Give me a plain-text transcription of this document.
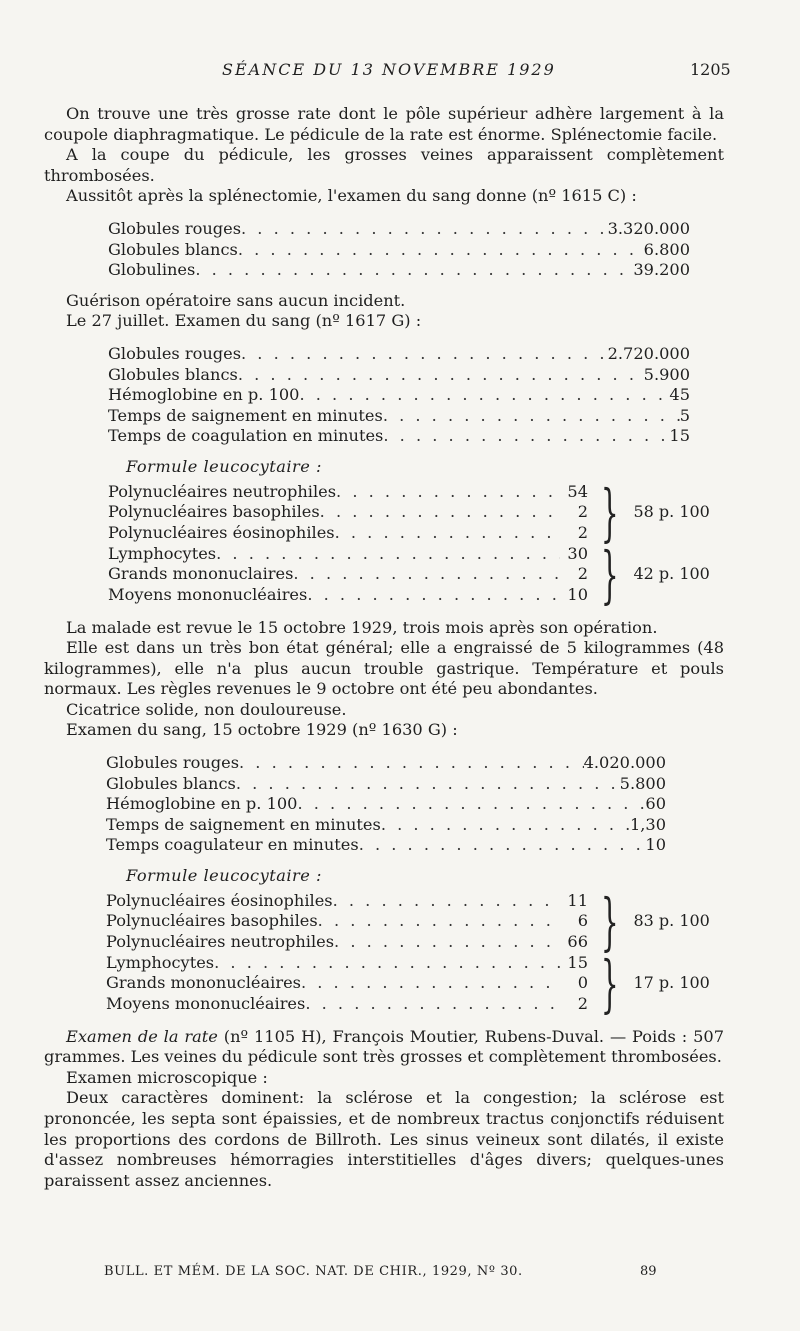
SÉANCE DU 13 NOVEMBRE 1929	1205

On trouve une très grosse rate dont le pôle supérieur adhère largement à la coupole diaphragmatique. Le pédicule de la rate est énorme. Splénectomie facile.

A la coupe du pédicule, les grosses veines apparaissent complètement thrombosées.

Aussitôt après la splénectomie, l'examen du sang donne (nº 1615 C) :

Globules rouges . . .	3.320.000
Globules blancs . . .	6.800
Globulines . . .	39.200

Guérison opératoire sans aucun incident.

Le 27 juillet. Examen du sang (nº 1617 G) :

Globules rouges . . .	2.720.000
Globules blancs . . .	5.900
Hémoglobine en p. 100 . . .	45
Temps de saignement en minutes . . .	5
Temps de coagulation en minutes . . .	15
Formule leucocytaire :
Polynucléaires neutrophiles . . .	54
Polynucléaires basophiles . . .	2
Polynucléaires éosinophiles . . .	2 } 58 p. 100
Lymphocytes . . .	30
Grands mononuclaires . . .	2
Moyens mononucléaires . . .	10 } 42 p. 100

La malade est revue le 15 octobre 1929, trois mois après son opération.

Elle est dans un très bon état général; elle a engraissé de 5 kilogrammes (48 kilogrammes), elle n'a plus aucun trouble gastrique. Température et pouls normaux. Les règles revenues le 9 octobre ont été peu abondantes.

Cicatrice solide, non douloureuse.

Examen du sang, 15 octobre 1929 (nº 1630 G) :

Globules rouges . . .	4.020.000
Globules blancs . . .	5.800
Hémoglobine en p. 100 . . .	60
Temps de saignement en minutes . . .	1,30
Temps coagulateur en minutes . . .	10
Formule leucocytaire :
Polynucléaires éosinophiles . . .	11
Polynucléaires basophiles . . .	6
Polynucléaires neutrophiles . . .	66 } 83 p. 100
Lymphocytes . . .	15
Grands mononucléaires . . .	0
Moyens mononucléaires . . .	2 } 17 p. 100

Examen de la rate (nº 1105 H), François Moutier, Rubens-Duval. — Poids : 507 grammes. Les veines du pédicule sont très grosses et complètement thrombosées.

Examen microscopique :

Deux caractères dominent: la sclérose et la congestion; la sclérose est prononcée, les septa sont épaissies, et de nombreux tractus conjonctifs réduisent les proportions des cordons de Billroth. Les sinus veineux sont dilatés, il existe d'assez nombreuses hémorragies interstitielles d'âges divers; quelques-unes paraissent assez anciennes.

BULL. ET MÉM. DE LA SOC. NAT. DE CHIR., 1929, Nº 30.	89
